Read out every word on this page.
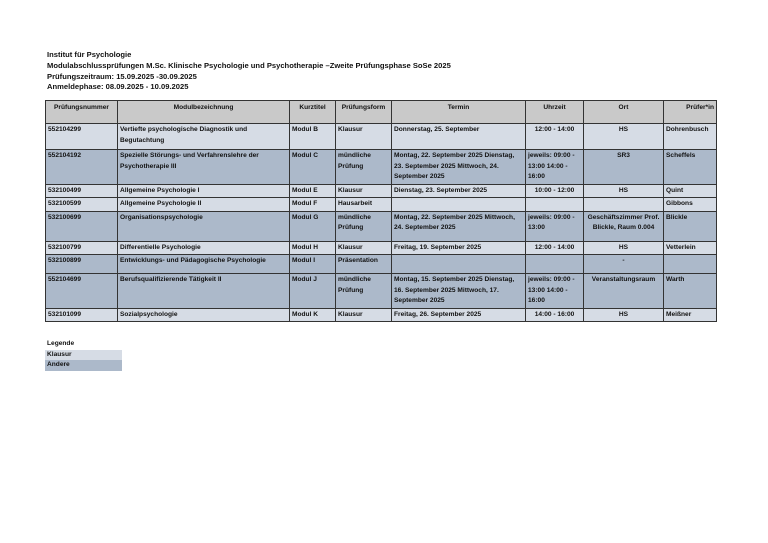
Institut für Psychologie
Modulabschlussprüfungen M.Sc. Klinische Psychologie und Psychotherapie –Zweite Prüfungsphase SoSe 2025
Prüfungszeitraum: 15.09.2025 -30.09.2025
Anmeldephase: 08.09.2025 - 10.09.2025
Prüfungsnummer	Modulbezeichnung	Kurztitel	Prüfungsform	Termin	Uhrzeit	Ort	Prüfer*in
552104299	Vertiefte psychologische Diagnostik und Begutachtung	Modul B	Klausur	Donnerstag, 25. September	12:00 - 14:00	HS	Dohrenbusch
552104192	Spezielle Störungs- und Verfahrenslehre der Psychotherapie III	Modul C	mündliche Prüfung	Montag, 22. September 2025 Dienstag, 23. September 2025 Mittwoch, 24. September 2025	jeweils: 09:00 - 13:00 14:00 - 16:00	SR3	Scheffels
532100499	Allgemeine Psychologie I	Modul E	Klausur	Dienstag, 23. September 2025	10:00 - 12:00	HS	Quint
532100599	Allgemeine Psychologie II	Modul F	Hausarbeit				Gibbons
532100699	Organisationspsychologie	Modul G	mündliche Prüfung	Montag, 22. September 2025 Mittwoch, 24. September 2025	jeweils: 09:00 - 13:00	Geschäftszimmer Prof. Blickle, Raum 0.004	Blickle
532100799	Differentielle Psychologie	Modul H	Klausur	Freitag, 19. September 2025	12:00 - 14:00	HS	Vetterlein
532100899	Entwicklungs- und Pädagogische Psychologie	Modul I	Präsentation			-	
552104699	Berufsqualifizierende Tätigkeit II	Modul J	mündliche Prüfung	Montag, 15. September 2025 Dienstag, 16. September 2025 Mittwoch, 17. September 2025	jeweils: 09:00 - 13:00 14:00 - 16:00	Veranstaltungsraum	Warth
532101099	Sozialpsychologie	Modul K	Klausur	Freitag, 26. September 2025	14:00 - 16:00	HS	Meißner
Legende
Klausur
Andere
